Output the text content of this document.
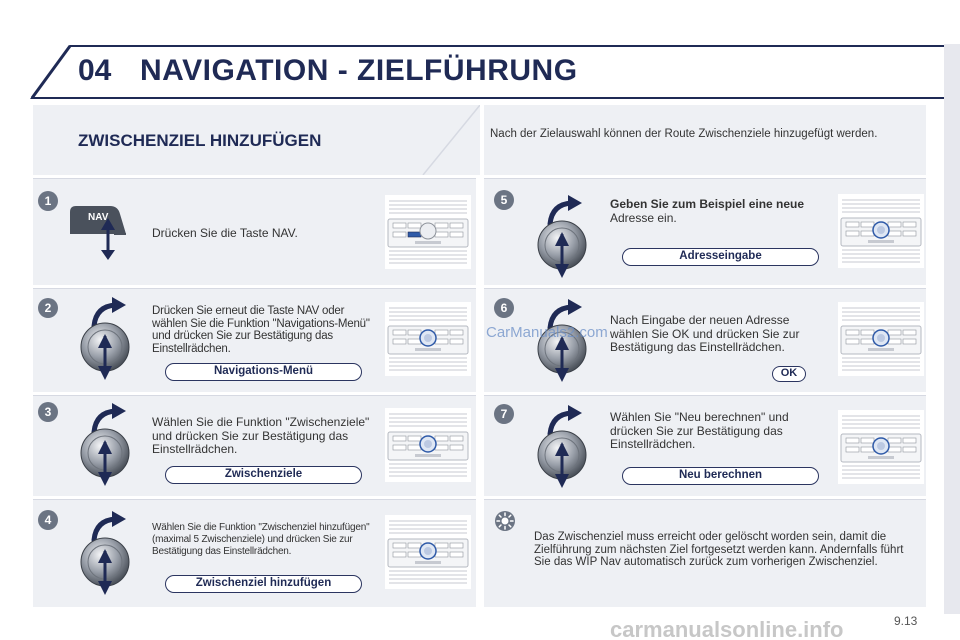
04 NAVIGATION - ZIELFÜHRUNG
ZWISCHENZIEL HINZUFÜGEN	Nach der Zielauswahl können der Route Zwischenziele hinzugefügt werden.
1
NAV
Drücken Sie die Taste NAV.
2	Drücken Sie erneut die Taste NAV oder wählen Sie die Funktion "Navigations-Menü" und drücken Sie zur Bestätigung das Einstellrädchen.
Navigations-Menü
3
Wählen Sie die Funktion "Zwischenziele" und drücken Sie zur Bestätigung das Einstellrädchen.
Zwischenziele
4
Wählen Sie die Funktion "Zwischenziel hinzufügen" (maximal 5 Zwischenziele) und drücken Sie zur Bestätigung das Einstellrädchen.
Zwischenziel hinzufügen
5	Geben Sie zum Beispiel eine neue
Adresse ein.
Adresseingabe
6
Nach Eingabe der neuen Adresse wählen Sie OK und drücken Sie zur Bestätigung das Einstellrädchen.
OK
7	Wählen Sie "Neu berechnen" und drücken Sie zur Bestätigung das Einstellrädchen.
Neu berechnen
Das Zwischenziel muss erreicht oder gelöscht worden sein, damit die Zielführung zum nächsten Ziel fortgesetzt werden kann. Andernfalls führt Sie das WIP Nav automatisch zurück zum vorherigen Zwischenziel.
CarManuals2.com
9.13
carmanualsonline.info
